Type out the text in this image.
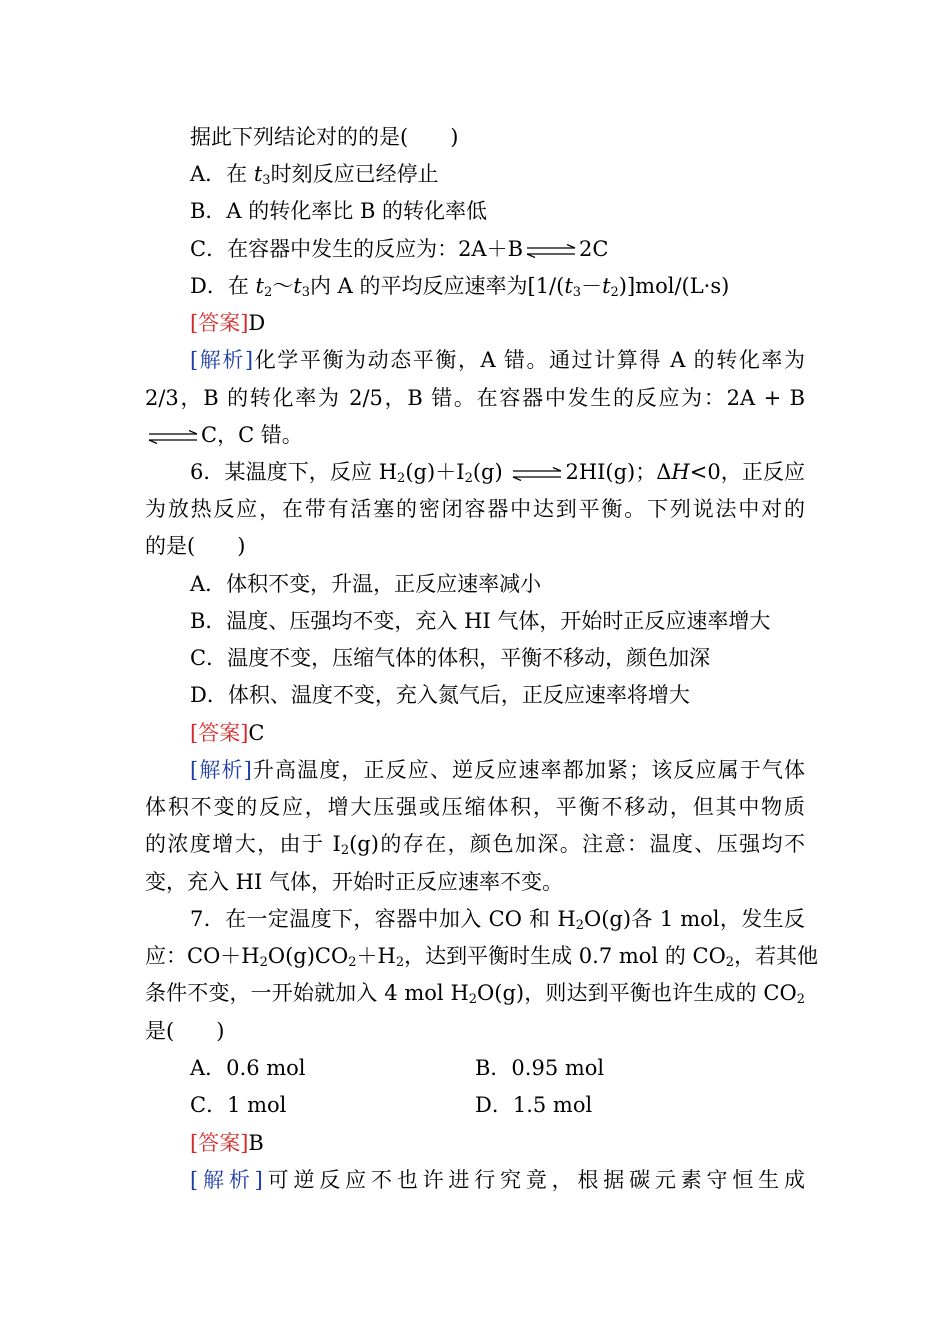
据此下列结论对的的是(　　)
A．在 $t_3$时刻反应已经停止
B．A 的转化率比 B 的转化率低
C．在容器中发生的反应为：2A＋B	2C
D．在 $t_2\sim t_3$内 A 的平均反应速率为$[1/(t_3-t_2)]mol/(L\cdot s)$
[答案]D
[解析]化学平衡为动态平衡，A 错。通过计算得 A 的转化率为
2/3，B 的转化率为 2/5，B 错。在容器中发生的反应为：2A + B
C，C 错。
6．某温度下，反应 $H_2(g)+I_2(g)$	2HI(g)；ΔH<0，正反应
为放热反应，在带有活塞的密闭容器中达到平衡。下列说法中对的
的是(　　)
A．体积不变，升温，正反应速率减小
B．温度、压强均不变，充入 HI 气体，开始时正反应速率增大
C．温度不变，压缩气体的体积，平衡不移动，颜色加深
D．体积、温度不变，充入氮气后，正反应速率将增大
[答案]C
[解析]升高温度，正反应、逆反应速率都加紧；该反应属于气体
体积不变的反应，增大压强或压缩体积，平衡不移动，但其中物质
的浓度增大，由于 $I_2(g)$的存在，颜色加深。注意：温度、压强均不
变，充入 HI 气体，开始时正反应速率不变。
7．在一定温度下，容器中加入 CO 和 $H_2O(g)$各 1 mol，发生反
应：$CO+H_2O(g)CO_2+H_2$，达到平衡时生成 0.7 mol 的 $CO_2$，若其他
条件不变，一开始就加入 4 mol $H_2O(g)$，则达到平衡也许生成的 $CO_2$
是(　　)
A．0.6 mol	B．0.95 mol
C．1 mol	D．1.5 mol
[答案]B
[解析]可逆反应不也许进行究竟，根据碳元素守恒生成
